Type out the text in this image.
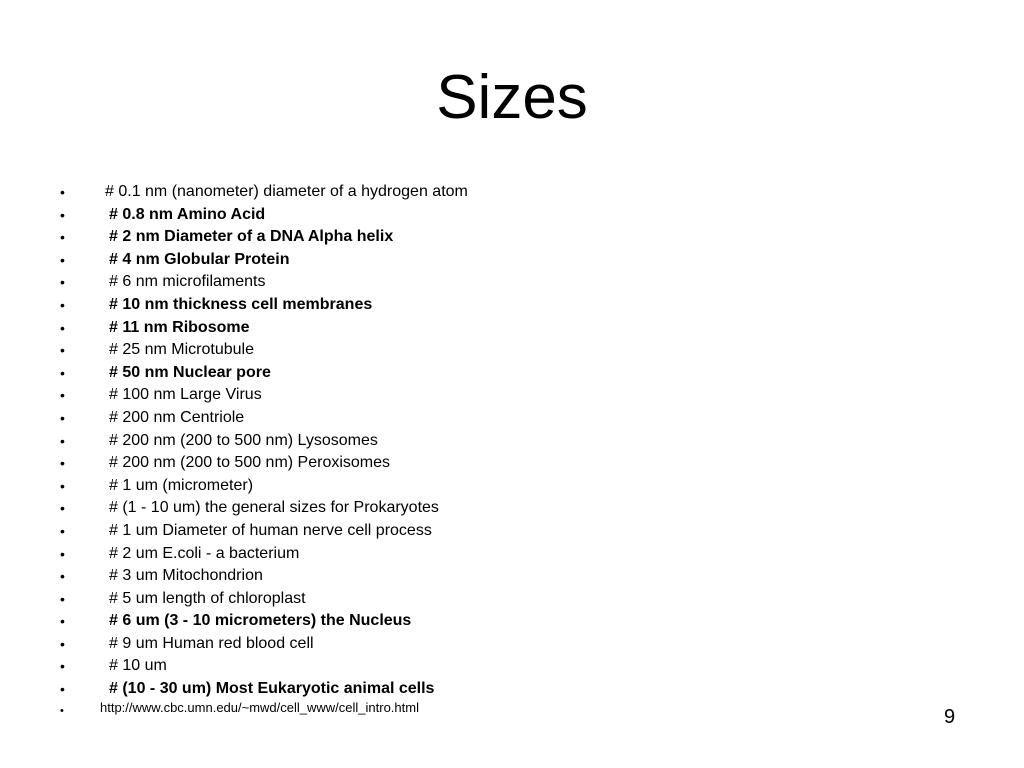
Sizes
•	# 0.1 nm (nanometer) diameter of a hydrogen atom
•	# 0.8 nm Amino Acid
•	# 2 nm Diameter of a DNA Alpha helix
•	# 4 nm Globular Protein
•	# 6 nm microfilaments
•	# 10 nm thickness cell membranes
•	# 11 nm Ribosome
•	# 25 nm Microtubule
•	# 50 nm Nuclear pore
•	# 100 nm Large Virus
•	# 200 nm Centriole
•	# 200 nm (200 to 500 nm) Lysosomes
•	# 200 nm (200 to 500 nm) Peroxisomes
•	# 1 um (micrometer)
•	# (1 - 10 um) the general sizes for Prokaryotes
•	# 1 um Diameter of human nerve cell process
•	# 2 um E.coli - a bacterium
•	# 3 um Mitochondrion
•	# 5 um length of chloroplast
•	# 6 um (3 - 10 micrometers) the Nucleus
•	# 9 um Human red blood cell
•	# 10 um
•	# (10 - 30 um) Most Eukaryotic animal cells
•	http://www.cbc.umn.edu/~mwd/cell_www/cell_intro.html	9
